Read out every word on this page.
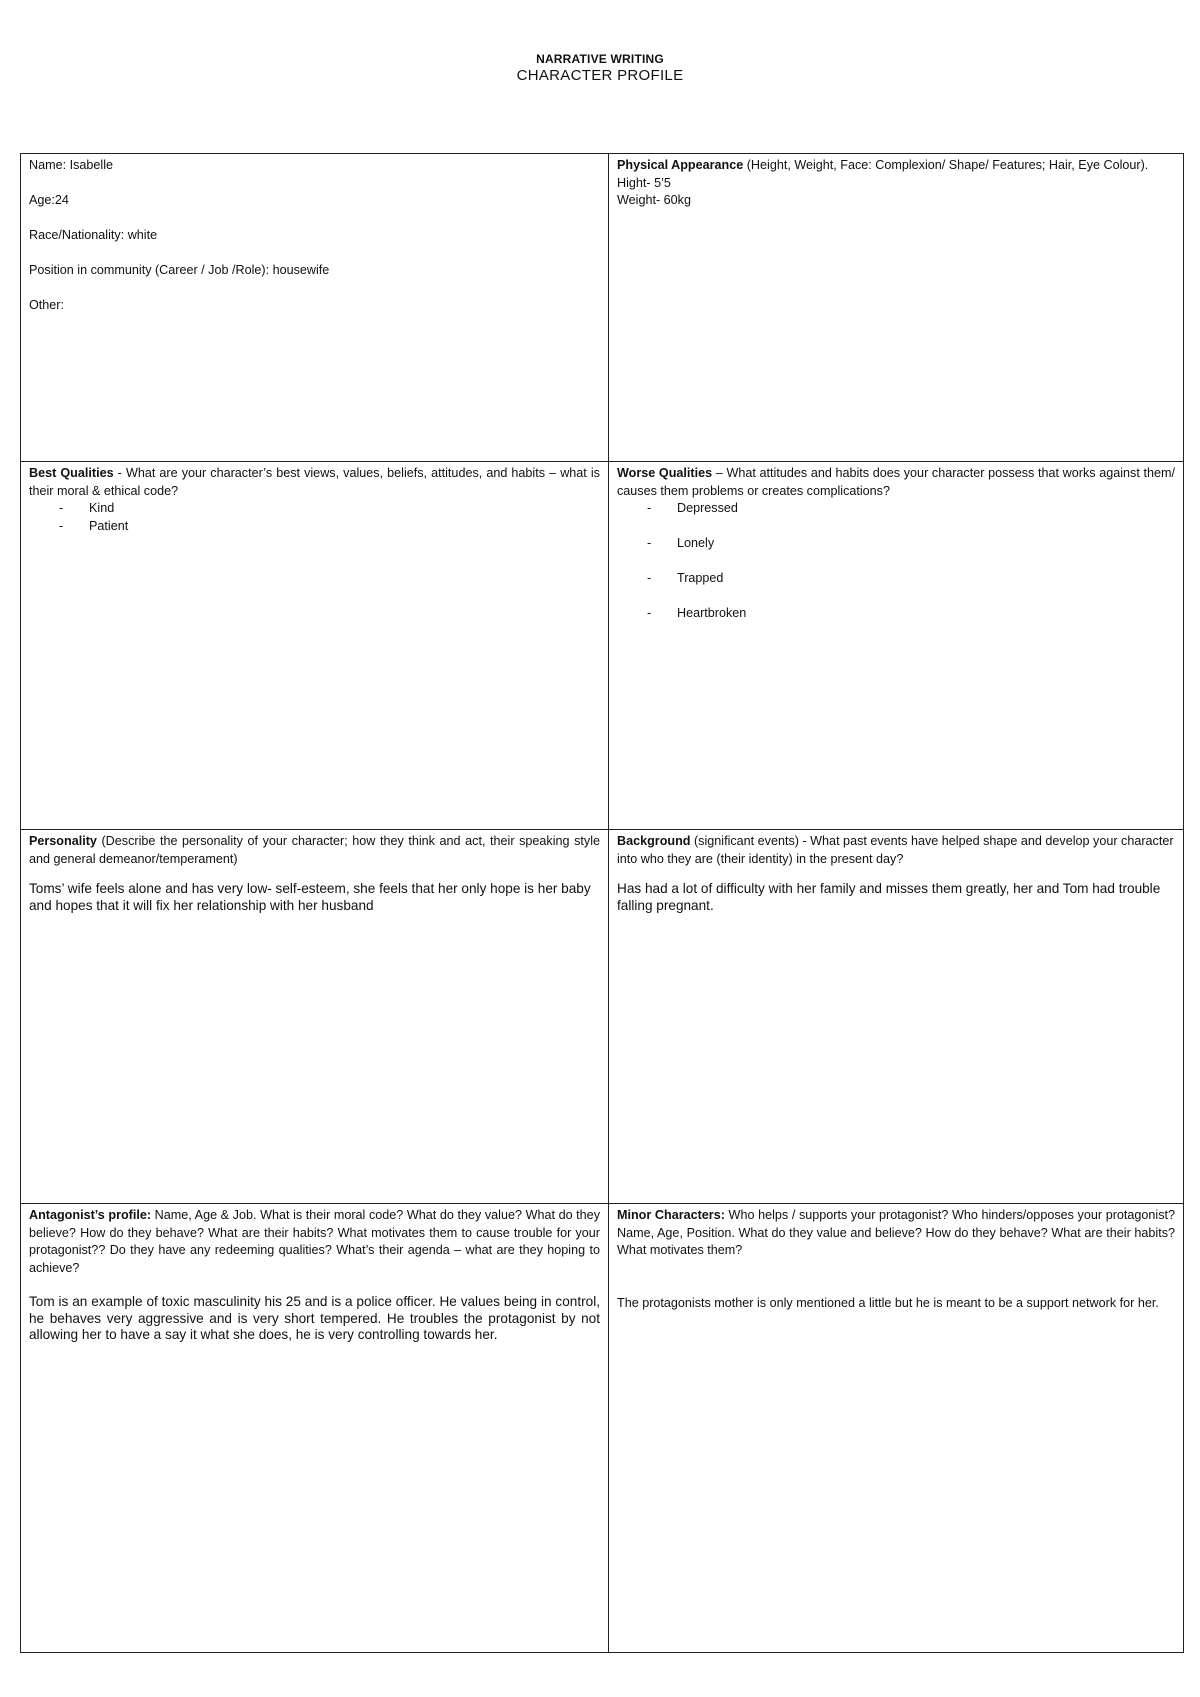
NARRATIVE WRITING
CHARACTER PROFILE
Name: Isabelle
Age:24
Race/Nationality: white
Position in community (Career / Job /Role): housewife
Other:
Physical Appearance (Height, Weight, Face: Complexion/ Shape/ Features; Hair, Eye Colour).
Hight- 5’5
Weight- 60kg
Best Qualities - What are your character’s best views, values, beliefs, attitudes, and habits – what is their moral & ethical code?
- Kind
- Patient
Worse Qualities – What attitudes and habits does your character possess that works against them/ causes them problems or creates complications?
- Depressed
- Lonely
- Trapped
- Heartbroken
Personality (Describe the personality of your character; how they think and act, their speaking style and general demeanor/temperament)
Toms’ wife feels alone and has very low- self-esteem, she feels that her only hope is her baby and hopes that it will fix her relationship with her husband
Background (significant events) - What past events have helped shape and develop your character into who they are (their identity) in the present day?
Has had a lot of difficulty with her family and misses them greatly, her and Tom had trouble falling pregnant.
Antagonist’s profile: Name, Age & Job. What is their moral code? What do they value? What do they believe? How do they behave? What are their habits? What motivates them to cause trouble for your protagonist?? Do they have any redeeming qualities? What’s their agenda – what are they hoping to achieve?
Tom is an example of toxic masculinity his 25 and is a police officer. He values being in control, he behaves very aggressive and is very short tempered. He troubles the protagonist by not allowing her to have a say it what she does, he is very controlling towards her.
Minor Characters: Who helps / supports your protagonist? Who hinders/opposes your protagonist? Name, Age, Position. What do they value and believe? How do they behave? What are their habits? What motivates them?
The protagonists mother is only mentioned a little but he is meant to be a support network for her.
